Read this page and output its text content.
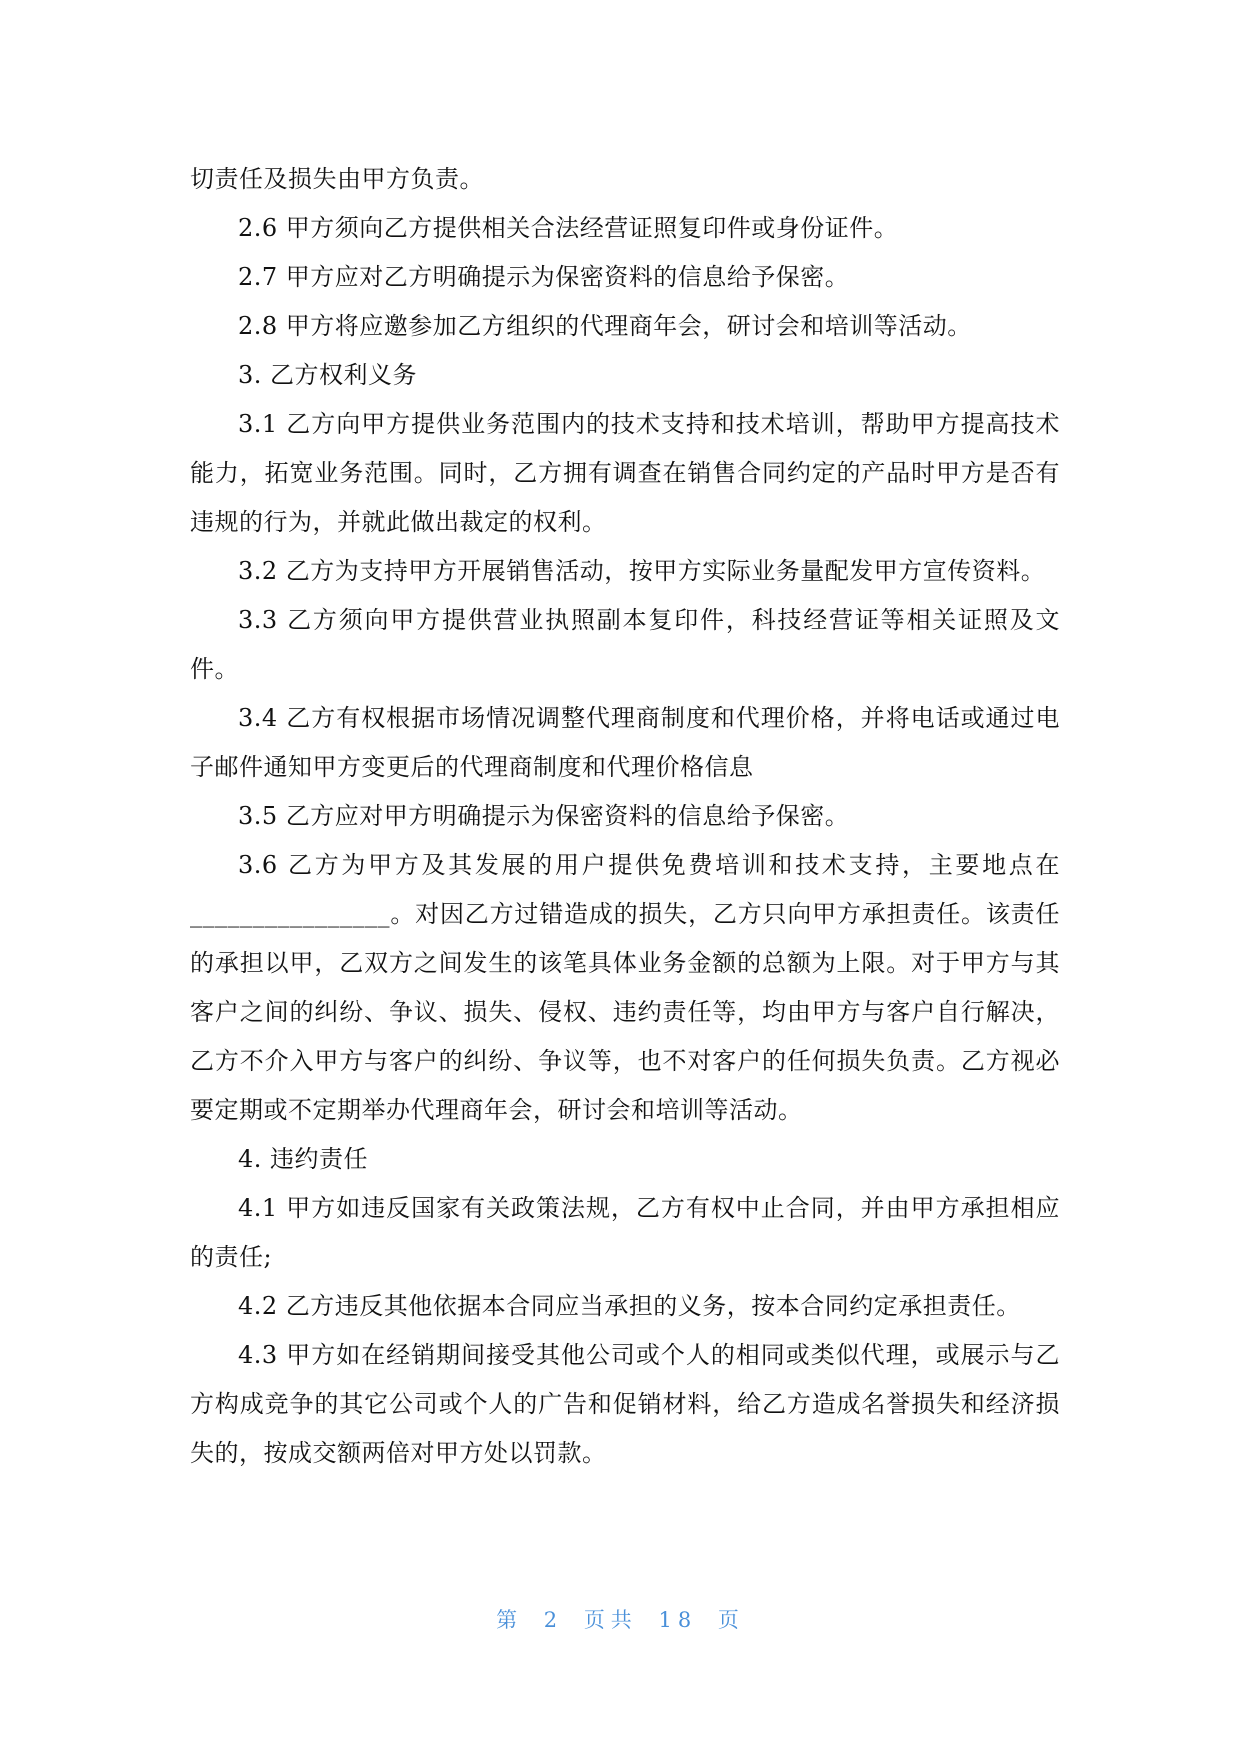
切责任及损失由甲方负责。

2.6 甲方须向乙方提供相关合法经营证照复印件或身份证件。

2.7 甲方应对乙方明确提示为保密资料的信息给予保密。

2.8 甲方将应邀参加乙方组织的代理商年会，研讨会和培训等活动。

3. 乙方权利义务

3.1 乙方向甲方提供业务范围内的技术支持和技术培训，帮助甲方提高技术能力，拓宽业务范围。同时，乙方拥有调查在销售合同约定的产品时甲方是否有违规的行为，并就此做出裁定的权利。

3.2 乙方为支持甲方开展销售活动，按甲方实际业务量配发甲方宣传资料。

3.3 乙方须向甲方提供营业执照副本复印件，科技经营证等相关证照及文件。

3.4 乙方有权根据市场情况调整代理商制度和代理价格，并将电话或通过电子邮件通知甲方变更后的代理商制度和代理价格信息

3.5 乙方应对甲方明确提示为保密资料的信息给予保密。

3.6 乙方为甲方及其发展的用户提供免费培训和技术支持，主要地点在________________。对因乙方过错造成的损失，乙方只向甲方承担责任。该责任的承担以甲，乙双方之间发生的该笔具体业务金额的总额为上限。对于甲方与其客户之间的纠纷、争议、损失、侵权、违约责任等，均由甲方与客户自行解决，乙方不介入甲方与客户的纠纷、争议等，也不对客户的任何损失负责。乙方视必要定期或不定期举办代理商年会，研讨会和培训等活动。

4. 违约责任

4.1 甲方如违反国家有关政策法规，乙方有权中止合同，并由甲方承担相应的责任;

4.2 乙方违反其他依据本合同应当承担的义务，按本合同约定承担责任。

4.3 甲方如在经销期间接受其他公司或个人的相同或类似代理，或展示与乙方构成竞争的其它公司或个人的广告和促销材料，给乙方造成名誉损失和经济损失的，按成交额两倍对甲方处以罚款。

第 2 页共 18 页
